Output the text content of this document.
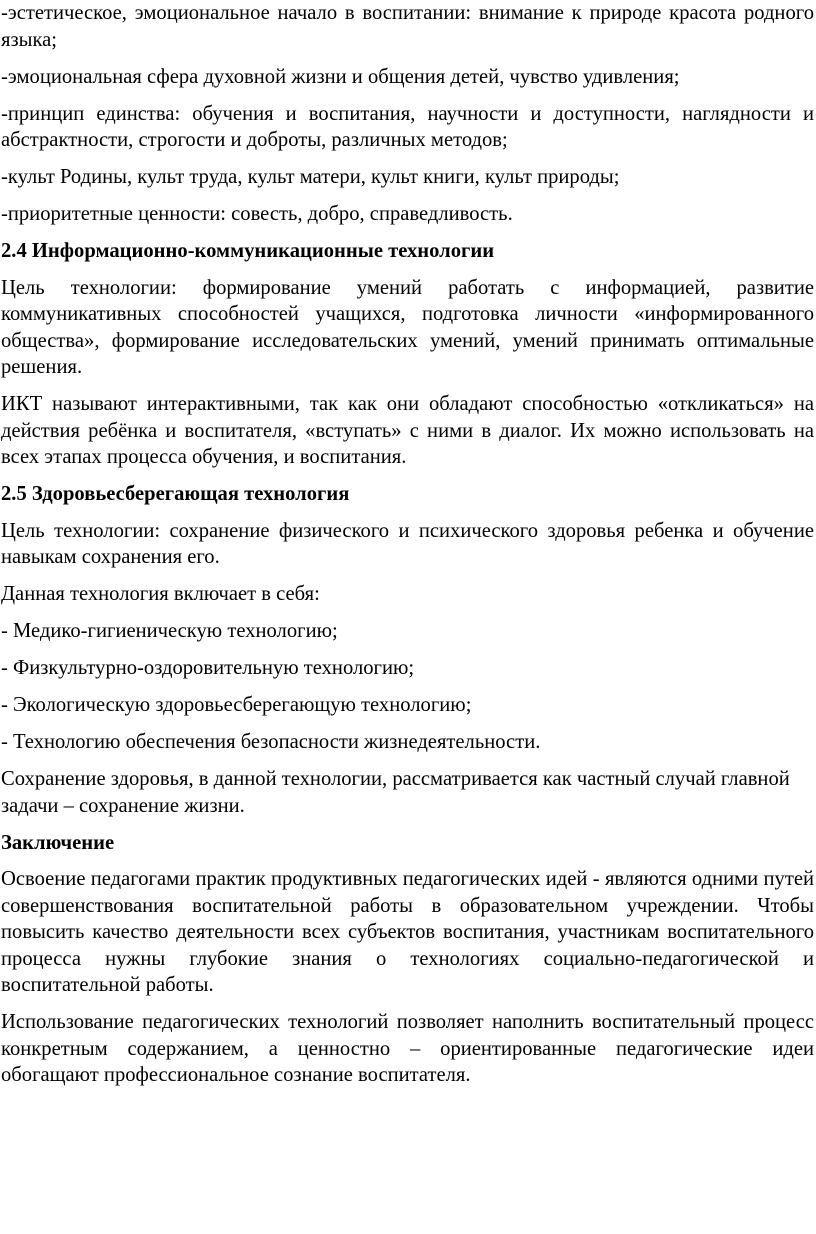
-эстетическое, эмоциональное начало в воспитании: внимание к природе красота родного языка;

-эмоциональная сфера духовной жизни и общения детей, чувство удивления;

-принцип единства: обучения и воспитания, научности и доступности, наглядности и абстрактности, строгости и доброты, различных методов;

-культ Родины, культ труда, культ матери, культ книги, культ природы;

-приоритетные ценности: совесть, добро, справедливость.

2.4 Информационно-коммуникационные технологии

Цель технологии: формирование умений работать с информацией, развитие коммуникативных способностей учащихся, подготовка личности «информированного общества», формирование исследовательских умений, умений принимать оптимальные решения.

ИКТ называют интерактивными, так как они обладают способностью «откликаться» на действия ребёнка и воспитателя, «вступать» с ними в диалог. Их можно использовать на всех этапах процесса обучения, и воспитания.

2.5 Здоровьесберегающая технология

Цель технологии: сохранение физического и психического здоровья ребенка и обучение навыкам сохранения его.

Данная технология включает в себя:

- Медико-гигиеническую технологию;

- Физкультурно-оздоровительную технологию;

- Экологическую здоровьесберегающую технологию;

- Технологию обеспечения безопасности жизнедеятельности.

Сохранение здоровья, в данной технологии, рассматривается как частный случай главной задачи – сохранение жизни.

Заключение

Освоение педагогами практик продуктивных педагогических идей - являются одними путей совершенствования воспитательной работы в образовательном учреждении. Чтобы повысить качество деятельности всех субъектов воспитания, участникам воспитательного процесса нужны глубокие знания о технологиях социально-педагогической и воспитательной работы.

Использование педагогических технологий позволяет наполнить воспитательный процесс конкретным содержанием, а ценностно – ориентированные педагогические идеи обогащают профессиональное сознание воспитателя.
